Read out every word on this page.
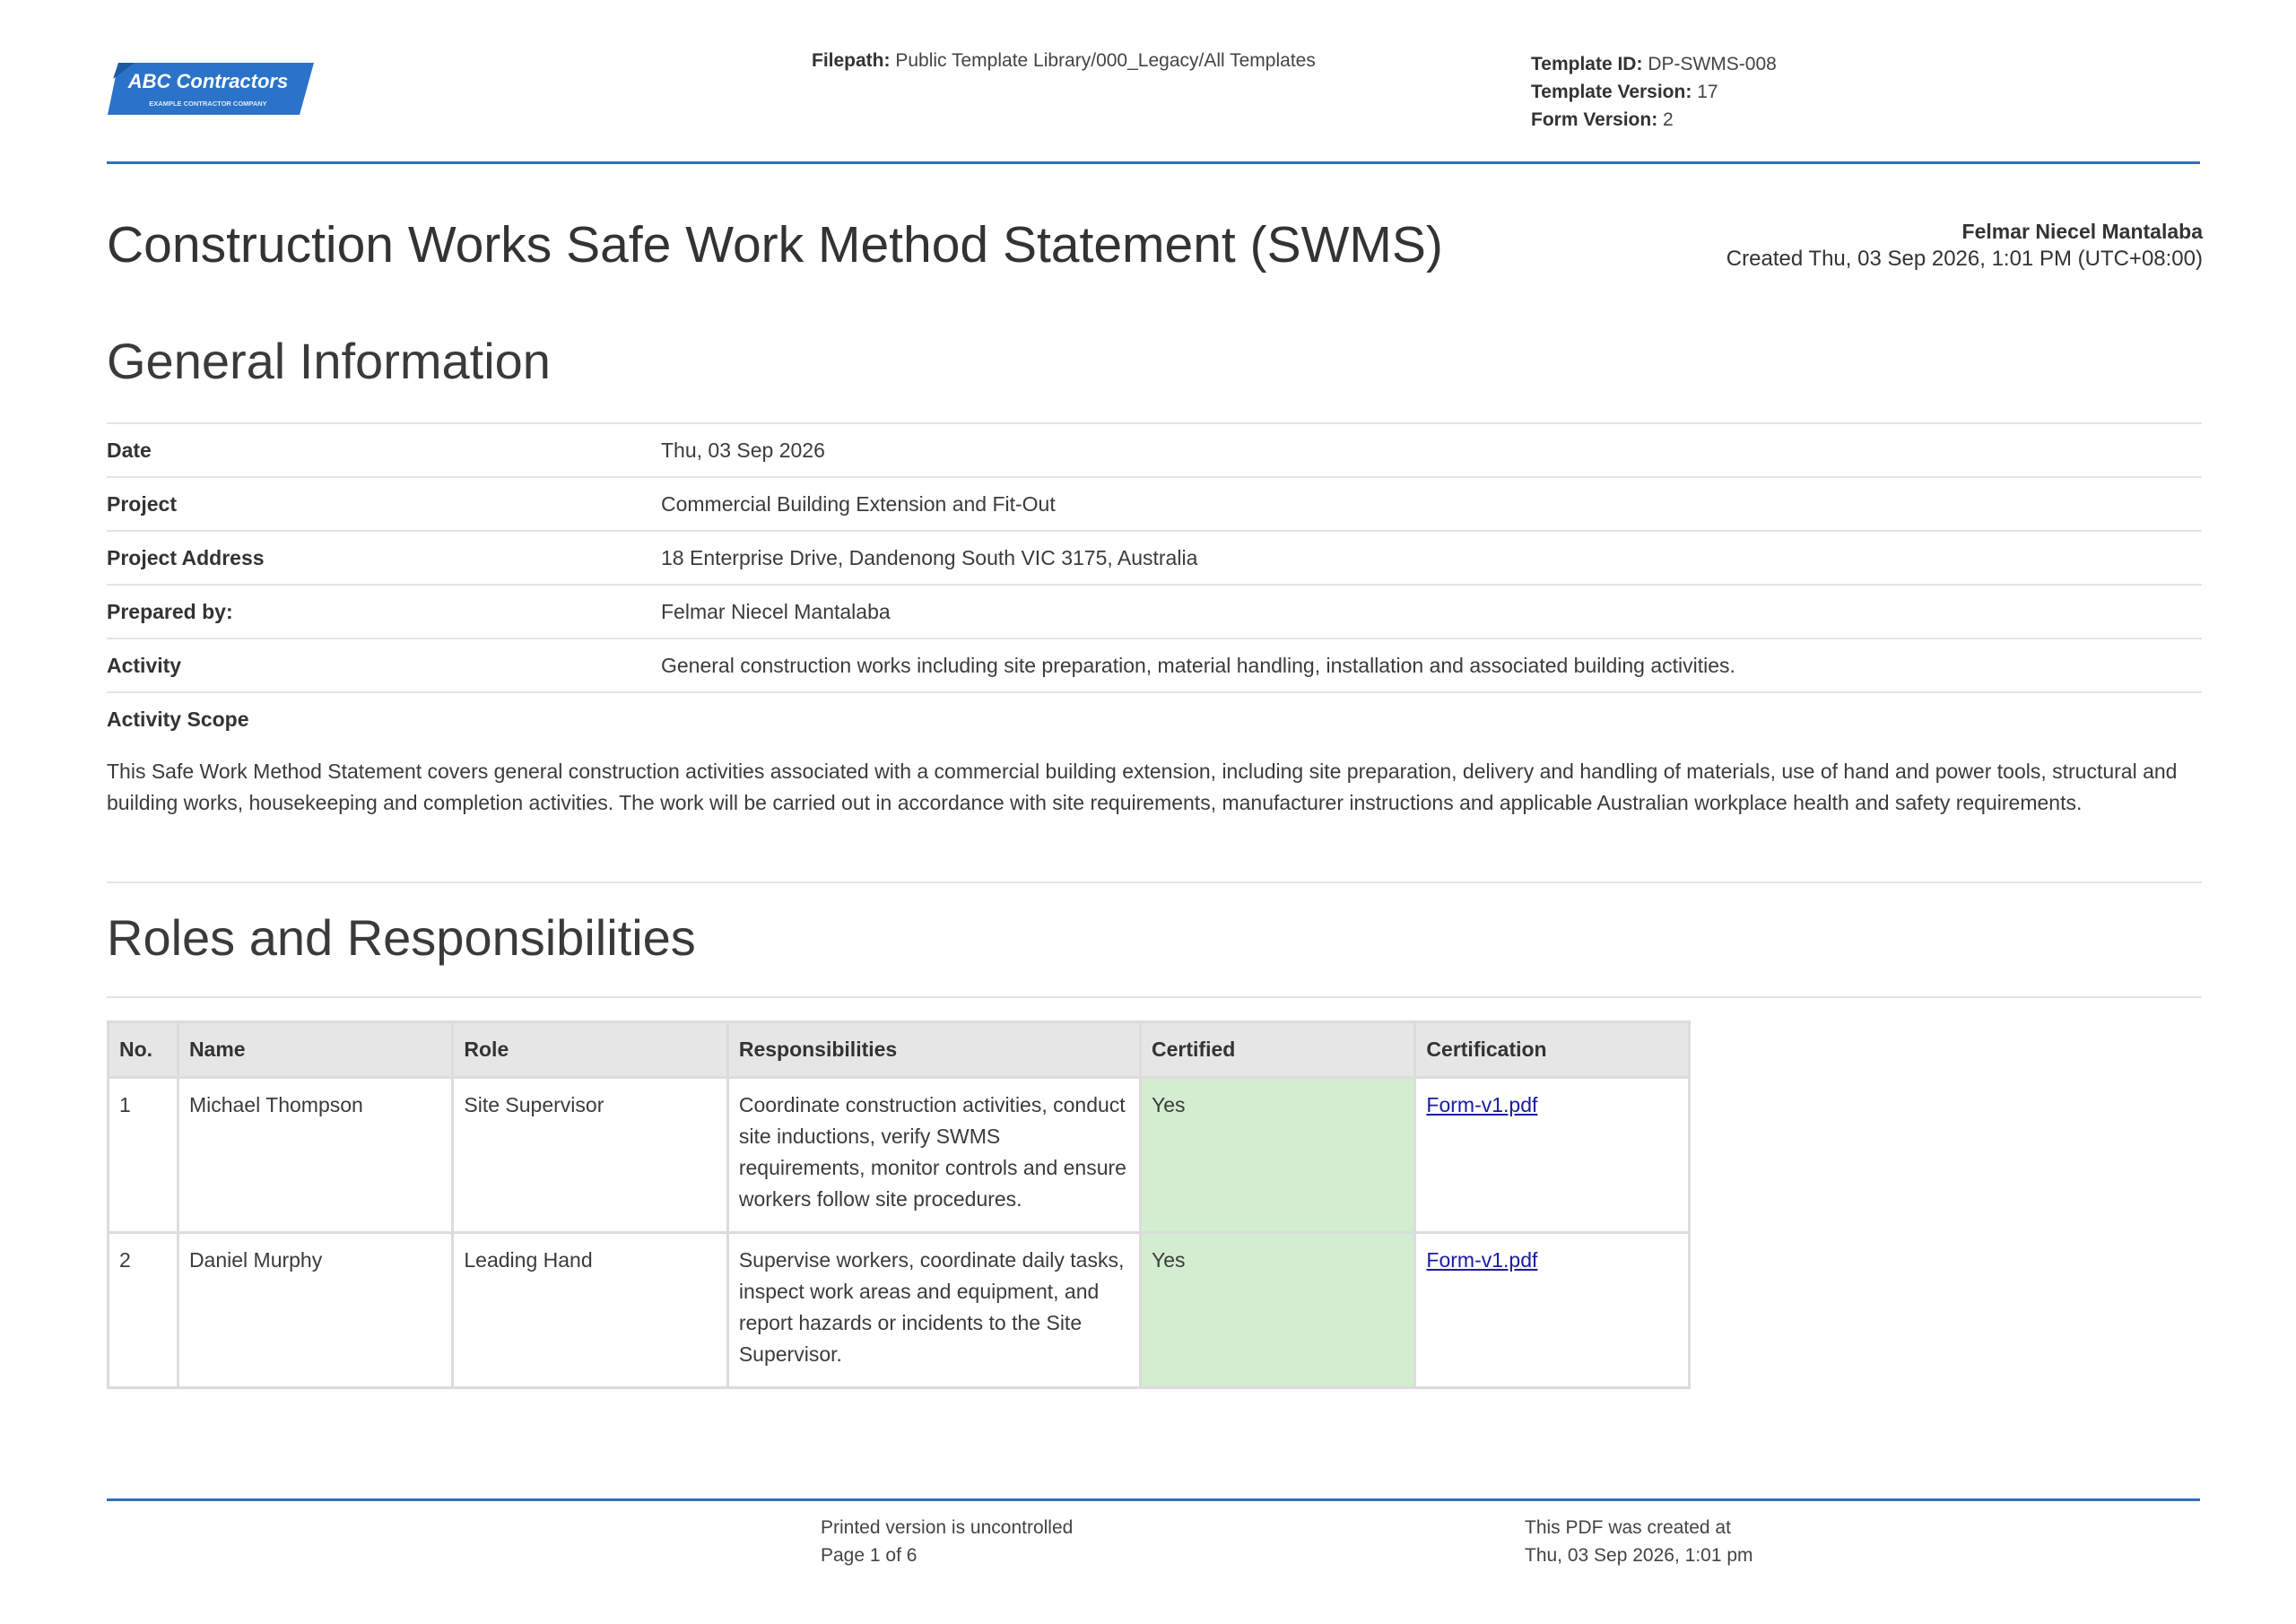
ABC Contractors
EXAMPLE CONTRACTOR COMPANY
Filepath: Public Template Library/000_Legacy/All Templates	Template ID: DP-SWMS-008
Template Version: 17
Form Version: 2
Construction Works Safe Work Method Statement (SWMS)	Felmar Niecel Mantalaba
Created Thu, 03 Sep 2026, 1:01 PM (UTC+08:00)
General Information
Date	Thu, 03 Sep 2026
Project	Commercial Building Extension and Fit-Out
Project Address	18 Enterprise Drive, Dandenong South VIC 3175, Australia
Prepared by:	Felmar Niecel Mantalaba
Activity	General construction works including site preparation, material handling, installation and associated building activities.
Activity Scope
This Safe Work Method Statement covers general construction activities associated with a commercial building extension, including site preparation, delivery and handling of materials, use of hand and power tools, structural and building works, housekeeping and completion activities. The work will be carried out in accordance with site requirements, manufacturer instructions and applicable Australian workplace health and safety requirements.
Roles and Responsibilities
No.	Name	Role	Responsibilities	Certified	Certification
1	Michael Thompson	Site Supervisor	Coordinate construction activities, conduct site inductions, verify SWMS requirements, monitor controls and ensure workers follow site procedures.	Yes	Form-v1.pdf
2	Daniel Murphy	Leading Hand	Supervise workers, coordinate daily tasks, inspect work areas and equipment, and report hazards or incidents to the Site Supervisor.	Yes	Form-v1.pdf
Printed version is uncontrolled
Page 1 of 6
This PDF was created at
Thu, 03 Sep 2026, 1:01 pm
